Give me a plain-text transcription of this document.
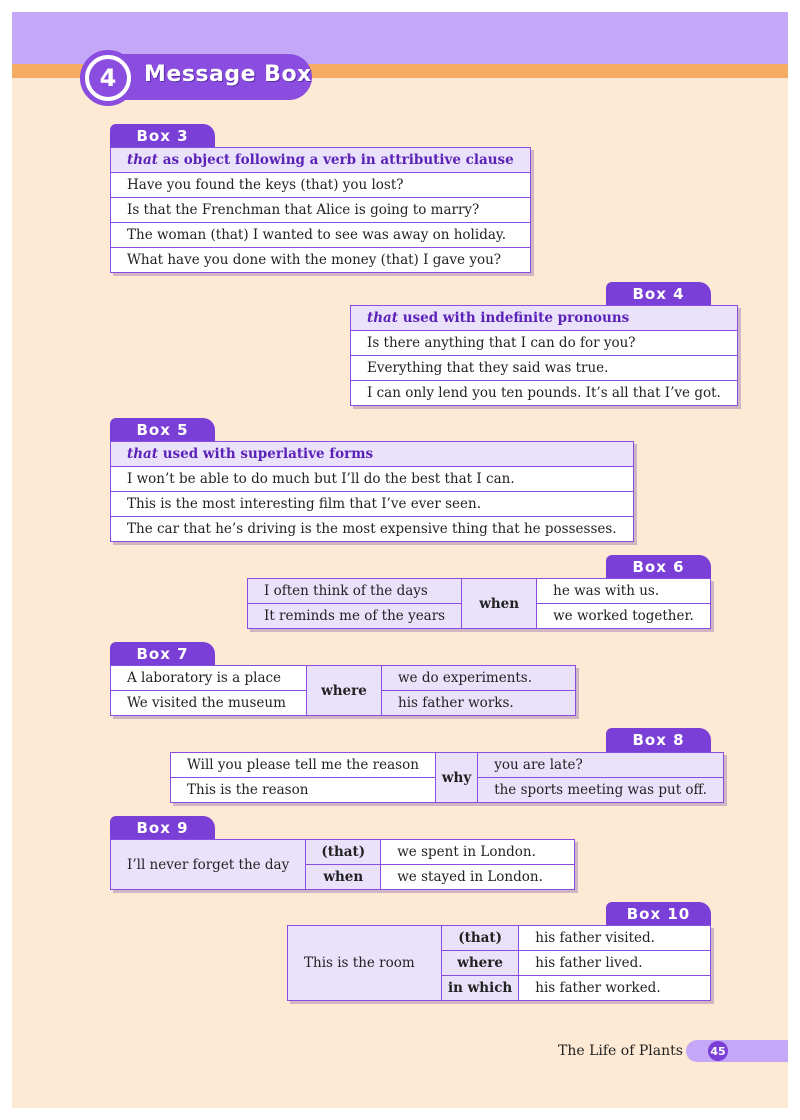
4	Message Box
Box 3
that as object following a verb in attributive clause
Have you found the keys (that) you lost?
Is that the Frenchman that Alice is going to marry?
The woman (that) I wanted to see was away on holiday.
What have you done with the money (that) I gave you?
Box 4
that used with indefinite pronouns
Is there anything that I can do for you?
Everything that they said was true.
I can only lend you ten pounds. It’s all that I’ve got.
Box 5
that used with superlative forms
I won’t be able to do much but I’ll do the best that I can.
This is the most interesting film that I’ve ever seen.
The car that he’s driving is the most expensive thing that he possesses.
Box 6
I often think of the days	when	he was with us.
It reminds me of the years		we worked together.
Box 7
A laboratory is a place	where	we do experiments.
We visited the museum		his father works.
Box 8
Will you please tell me the reason	why	you are late?
This is the reason		the sports meeting was put off.
Box 9
I’ll never forget the day	(that)	we spent in London.
	when	we stayed in London.
Box 10
This is the room	(that)	his father visited.
	where	his father lived.
	in which	his father worked.
The Life of Plants 45
